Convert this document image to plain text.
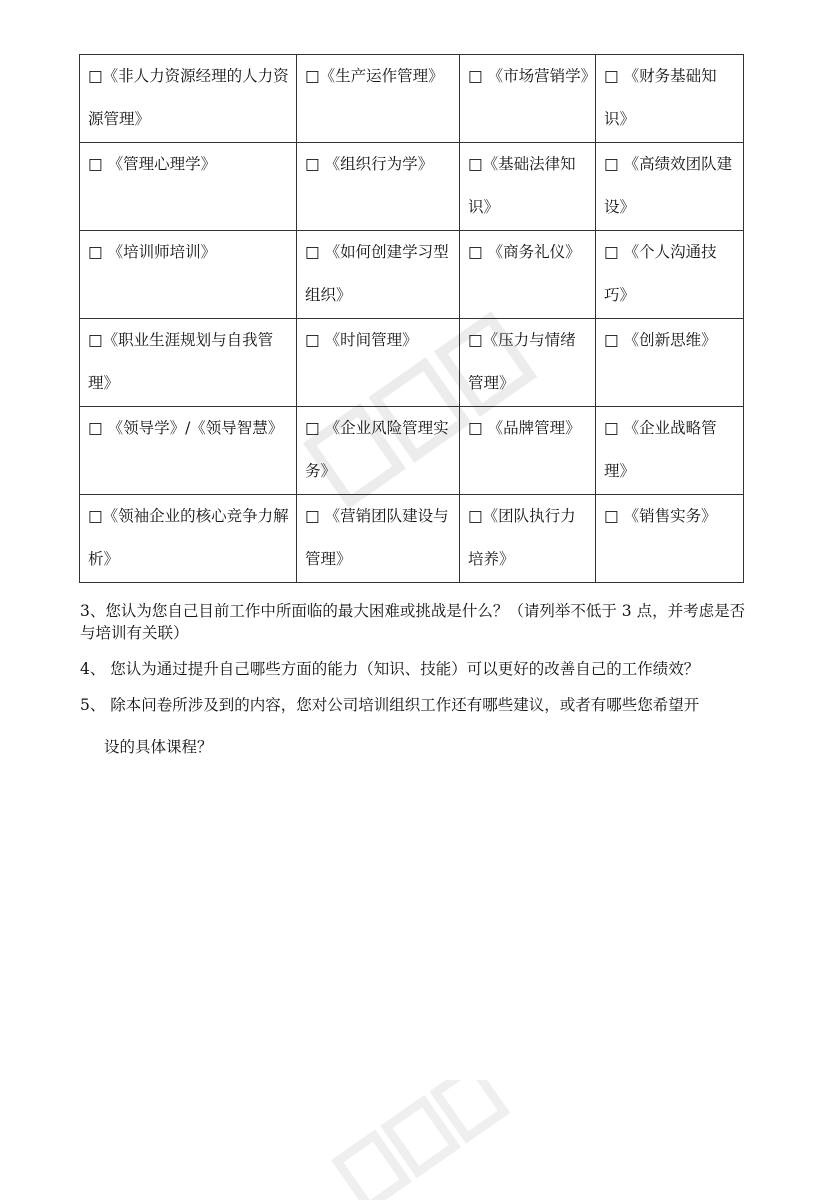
□《非人力资源经理的人力资源管理》	□《生产运作管理》	□ 《市场营销学》	□ 《财务基础知识》

□ 《管理心理学》	□ 《组织行为学》	□《基础法律知识》	□ 《高绩效团队建设》

□ 《培训师培训》	□ 《如何创建学习型组织》	□ 《商务礼仪》	□ 《个人沟通技巧》

□《职业生涯规划与自我管理》	□ 《时间管理》	□《压力与情绪管理》	□ 《创新思维》

□ 《领导学》/《领导智慧》	□ 《企业风险管理实务》	□ 《品牌管理》	□ 《企业战略管理》

□《领袖企业的核心竞争力解析》	□ 《营销团队建设与管理》	□《团队执行力培养》	□ 《销售实务》

3、您认为您自己目前工作中所面临的最大困难或挑战是什么？（请列举不低于 3 点，并考虑是否与培训有关联）

4、 您认为通过提升自己哪些方面的能力（知识、技能）可以更好的改善自己的工作绩效？

5、 除本问卷所涉及到的内容，您对公司培训组织工作还有哪些建议，或者有哪些您希望开

设的具体课程？
